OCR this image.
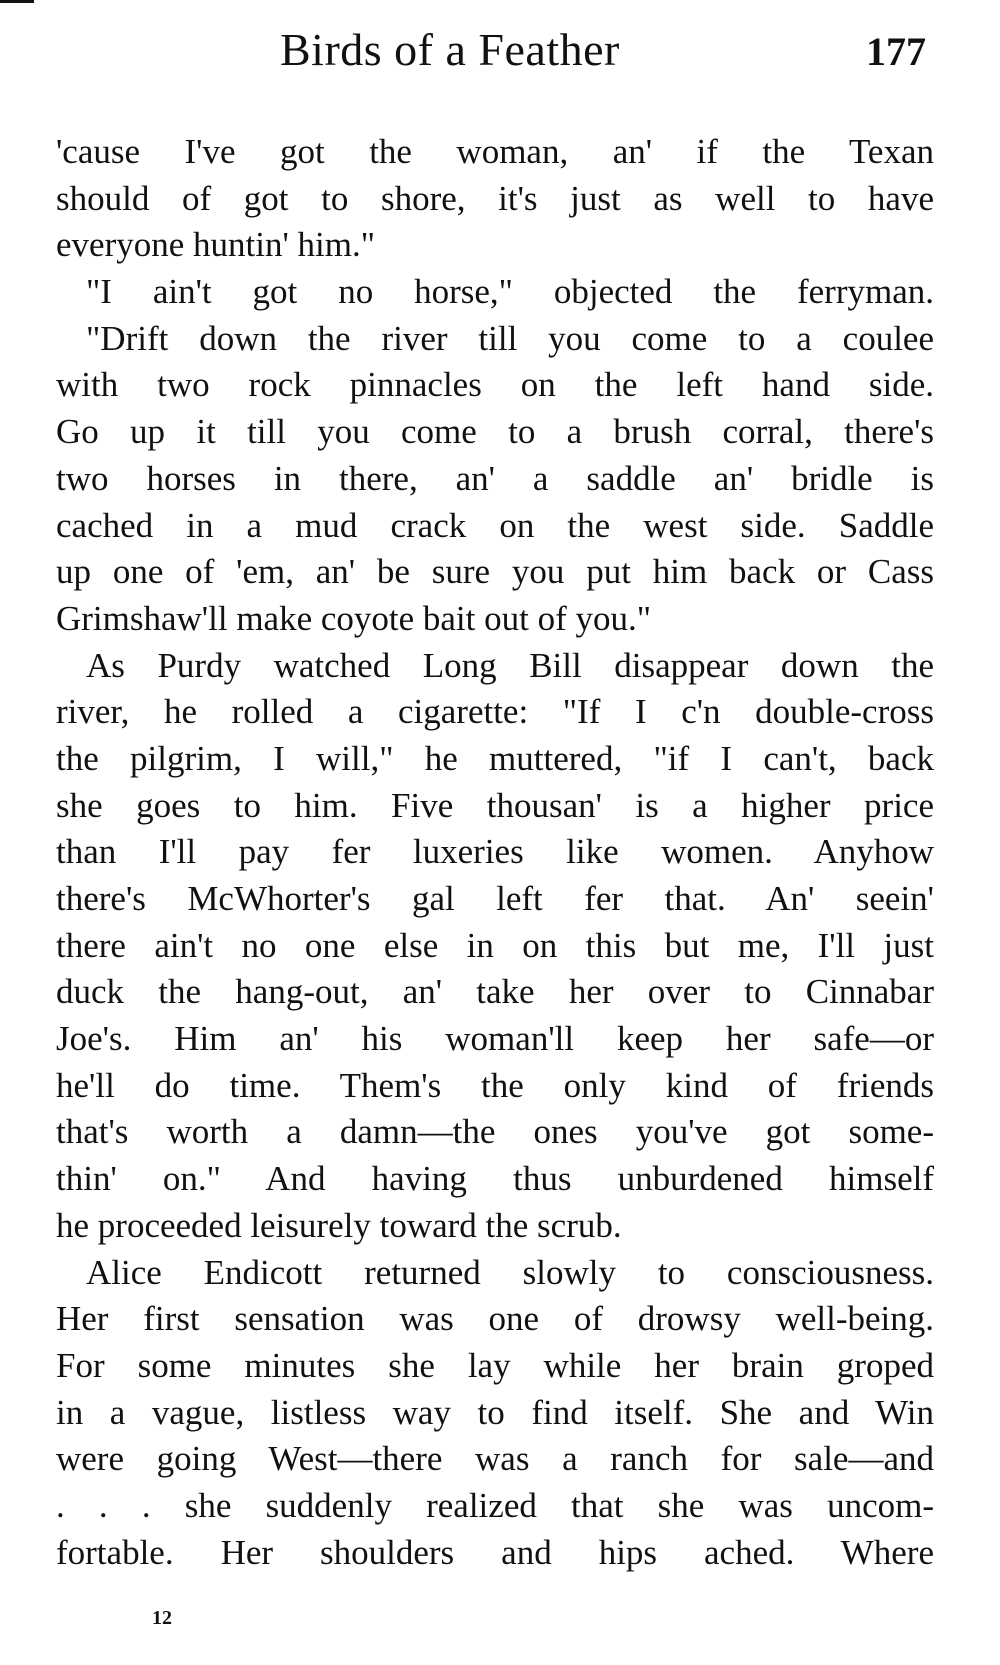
Birds of a Feather	177
'cause I've got the woman, an' if the Texan
should of got to shore, it's just as well to have
everyone huntin' him."
"I ain't got no horse," objected the ferryman.
"Drift down the river till you come to a coulee
with two rock pinnacles on the left hand side.
Go up it till you come to a brush corral, there's
two horses in there, an' a saddle an' bridle is
cached in a mud crack on the west side. Saddle
up one of 'em, an' be sure you put him back or Cass
Grimshaw'll make coyote bait out of you."
As Purdy watched Long Bill disappear down the
river, he rolled a cigarette: "If I c'n double-cross
the pilgrim, I will," he muttered, "if I can't, back
she goes to him. Five thousan' is a higher price
than I'll pay fer luxeries like women. Anyhow
there's McWhorter's gal left fer that. An' seein'
there ain't no one else in on this but me, I'll just
duck the hang-out, an' take her over to Cinnabar
Joe's. Him an' his woman'll keep her safe—or
he'll do time. Them's the only kind of friends
that's worth a damn—the ones you've got some-
thin' on." And having thus unburdened himself
he proceeded leisurely toward the scrub.
Alice Endicott returned slowly to consciousness.
Her first sensation was one of drowsy well-being.
For some minutes she lay while her brain groped
in a vague, listless way to find itself. She and Win
were going West—there was a ranch for sale—and
. . . she suddenly realized that she was uncom-
fortable. Her shoulders and hips ached. Where
12
